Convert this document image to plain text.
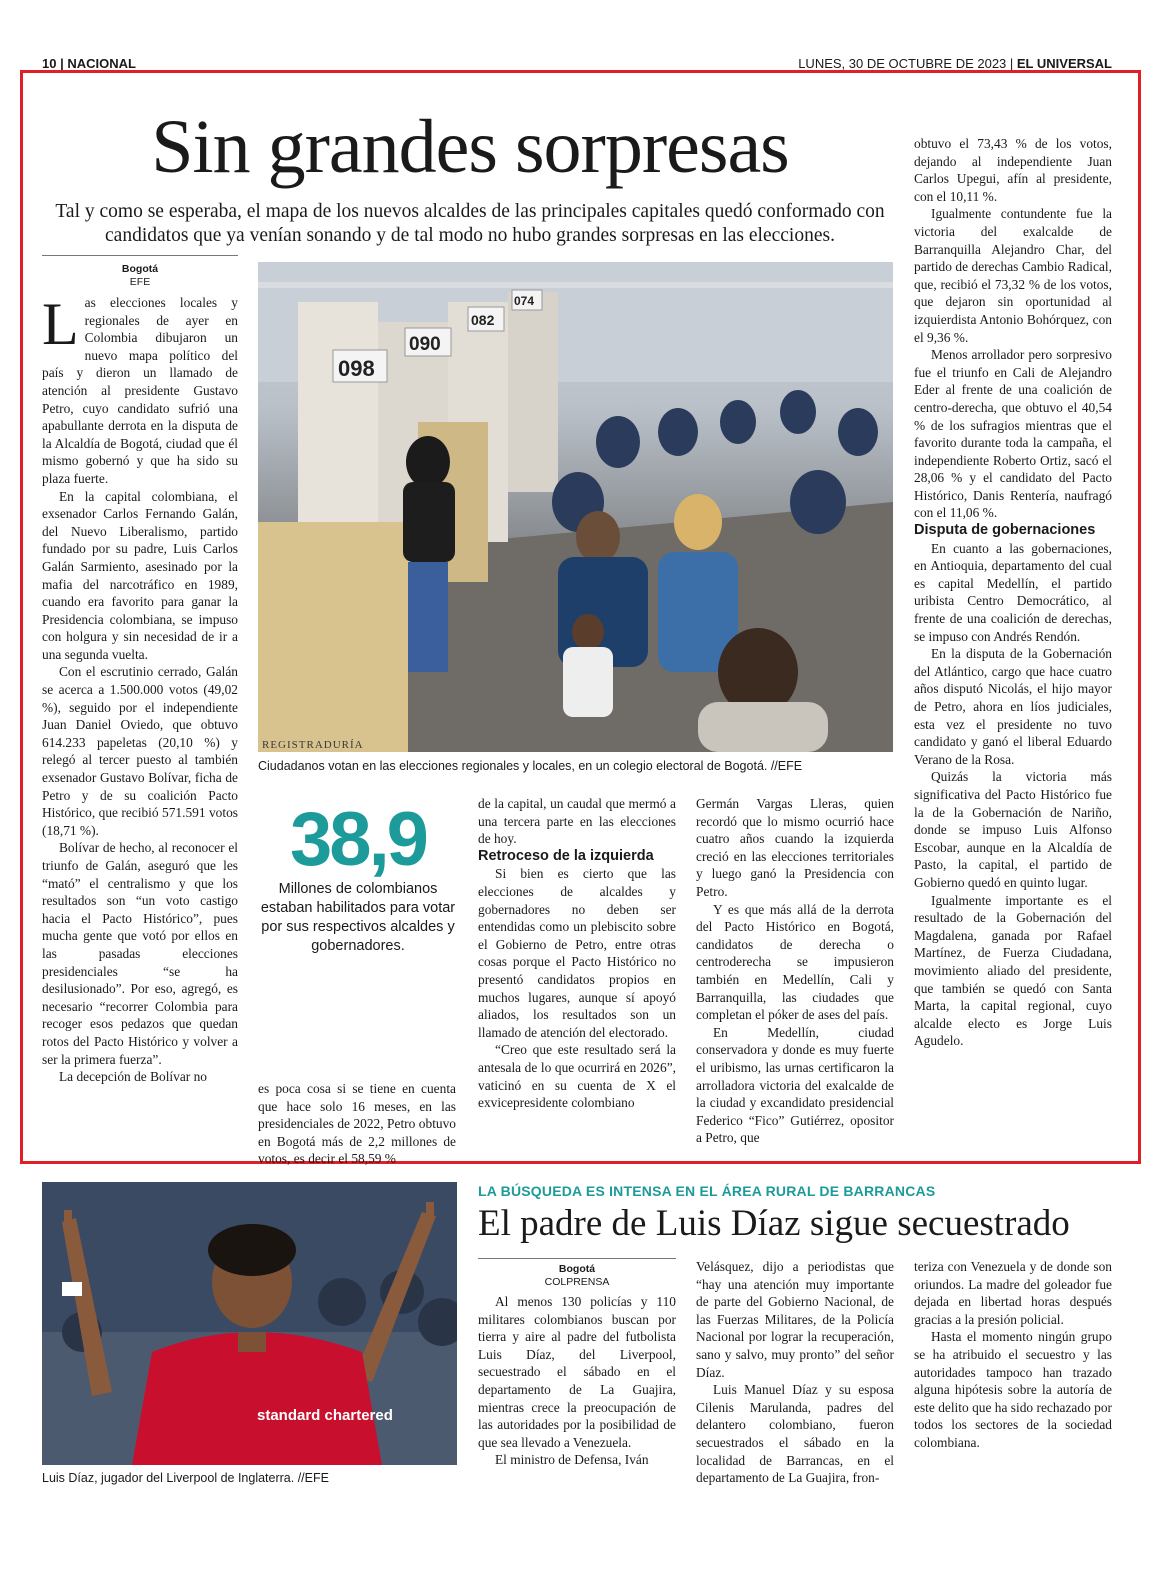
10 | NACIONAL	LUNES, 30 DE OCTUBRE DE 2023 | EL UNIVERSAL
Sin grandes sorpresas
Tal y como se esperaba, el mapa de los nuevos alcaldes de las principales capitales quedó conformado con candidatos que ya venían sonando y de tal modo no hubo grandes sorpresas en las elecciones.
Bogotá
EFE

Las elecciones locales y regionales de ayer en Colombia dibujaron un nuevo mapa político del país y dieron un llamado de atención al presidente Gustavo Petro, cuyo candidato sufrió una apabullante derrota en la disputa de la Alcaldía de Bogotá, ciudad que él mismo gobernó y que ha sido su plaza fuerte.

En la capital colombiana, el exsenador Carlos Fernando Galán, del Nuevo Liberalismo, partido fundado por su padre, Luis Carlos Galán Sarmiento, asesinado por la mafia del narcotráfico en 1989, cuando era favorito para ganar la Presidencia colombiana, se impuso con holgura y sin necesidad de ir a una segunda vuelta.

Con el escrutinio cerrado, Galán se acerca a 1.500.000 votos (49,02 %), seguido por el independiente Juan Daniel Oviedo, que obtuvo 614.233 papeletas (20,10 %) y relegó al tercer puesto al también exsenador Gustavo Bolívar, ficha de Petro y de su coalición Pacto Histórico, que recibió 571.591 votos (18,71 %).

Bolívar de hecho, al reconocer el triunfo de Galán, aseguró que les “mató” el centralismo y que los resultados son “un voto castigo hacia el Pacto Histórico”, pues mucha gente que votó por ellos en las pasadas elecciones presidenciales “se ha desilusionado”. Por eso, agregó, es necesario “recorrer Colombia para recoger esos pedazos que quedan rotos del Pacto Histórico y volver a ser la primera fuerza”.

La decepción de Bolívar no

098
090
082
074
REGISTRADURÍA
Ciudadanos votan en las elecciones regionales y locales, en un colegio electoral de Bogotá. //EFE
38,9
Millones de colombianos estaban habilitados para votar por sus respectivos alcaldes y gobernadores.

es poca cosa si se tiene en cuenta que hace solo 16 meses, en las presidenciales de 2022, Petro obtuvo en Bogotá más de 2,2 millones de votos, es decir el 58,59 %

de la capital, un caudal que mermó a una tercera parte en las elecciones de hoy.

Retroceso de la izquierda

Si bien es cierto que las elecciones de alcaldes y gobernadores no deben ser entendidas como un plebiscito sobre el Gobierno de Petro, entre otras cosas porque el Pacto Histórico no presentó candidatos propios en muchos lugares, aunque sí apoyó aliados, los resultados son un llamado de atención del electorado.

“Creo que este resultado será la antesala de lo que ocurrirá en 2026”, vaticinó en su cuenta de X el exvicepresidente colombiano

Germán Vargas Lleras, quien recordó que lo mismo ocurrió hace cuatro años cuando la izquierda creció en las elecciones territoriales y luego ganó la Presidencia con Petro.

Y es que más allá de la derrota del Pacto Histórico en Bogotá, candidatos de derecha o centroderecha se impusieron también en Medellín, Cali y Barranquilla, las ciudades que completan el póker de ases del país.

En Medellín, ciudad conservadora y donde es muy fuerte el uribismo, las urnas certificaron la arrolladora victoria del exalcalde de la ciudad y excandidato presidencial Federico “Fico” Gutiérrez, opositor a Petro, que

obtuvo el 73,43 % de los votos, dejando al independiente Juan Carlos Upegui, afín al presidente, con el 10,11 %.

Igualmente contundente fue la victoria del exalcalde de Barranquilla Alejandro Char, del partido de derechas Cambio Radical, que, recibió el 73,32 % de los votos, que dejaron sin oportunidad al izquierdista Antonio Bohórquez, con el 9,36 %.

Menos arrollador pero sorpresivo fue el triunfo en Cali de Alejandro Eder al frente de una coalición de centro-derecha, que obtuvo el 40,54 % de los sufragios mientras que el favorito durante toda la campaña, el independiente Roberto Ortiz, sacó el 28,06 % y el candidato del Pacto Histórico, Danis Rentería, naufragó con el 11,06 %.

Disputa de gobernaciones

En cuanto a las gobernaciones, en Antioquia, departamento del cual es capital Medellín, el partido uribista Centro Democrático, al frente de una coalición de derechas, se impuso con Andrés Rendón.

En la disputa de la Gobernación del Atlántico, cargo que hace cuatro años disputó Nicolás, el hijo mayor de Petro, ahora en líos judiciales, esta vez el presidente no tuvo candidato y ganó el liberal Eduardo Verano de la Rosa.

Quizás la victoria más significativa del Pacto Histórico fue la de la Gobernación de Nariño, donde se impuso Luis Alfonso Escobar, aunque en la Alcaldía de Pasto, la capital, el partido de Gobierno quedó en quinto lugar.

Igualmente importante es el resultado de la Gobernación del Magdalena, ganada por Rafael Martínez, de Fuerza Ciudadana, movimiento aliado del presidente, que también se quedó con Santa Marta, la capital regional, cuyo alcalde electo es Jorge Luis Agudelo.

standard chartered
Luis Díaz, jugador del Liverpool de Inglaterra. //EFE
LA BÚSQUEDA ES INTENSA EN EL ÁREA RURAL DE BARRANCAS
El padre de Luis Díaz sigue secuestrado
Bogotá
COLPRENSA

Al menos 130 policías y 110 militares colombianos buscan por tierra y aire al padre del futbolista Luis Díaz, del Liverpool, secuestrado el sábado en el departamento de La Guajira, mientras crece la preocupación de las autoridades por la posibilidad de que sea llevado a Venezuela.

El ministro de Defensa, Iván

Velásquez, dijo a periodistas que “hay una atención muy importante de parte del Gobierno Nacional, de las Fuerzas Militares, de la Policía Nacional por lograr la recuperación, sano y salvo, muy pronto” del señor Díaz.

Luis Manuel Díaz y su esposa Cilenis Marulanda, padres del delantero colombiano, fueron secuestrados el sábado en la localidad de Barrancas, en el departamento de La Guajira, fron-

teriza con Venezuela y de donde son oriundos. La madre del goleador fue dejada en libertad horas después gracias a la presión policial.

Hasta el momento ningún grupo se ha atribuido el secuestro y las autoridades tampoco han trazado alguna hipótesis sobre la autoría de este delito que ha sido rechazado por todos los sectores de la sociedad colombiana.
